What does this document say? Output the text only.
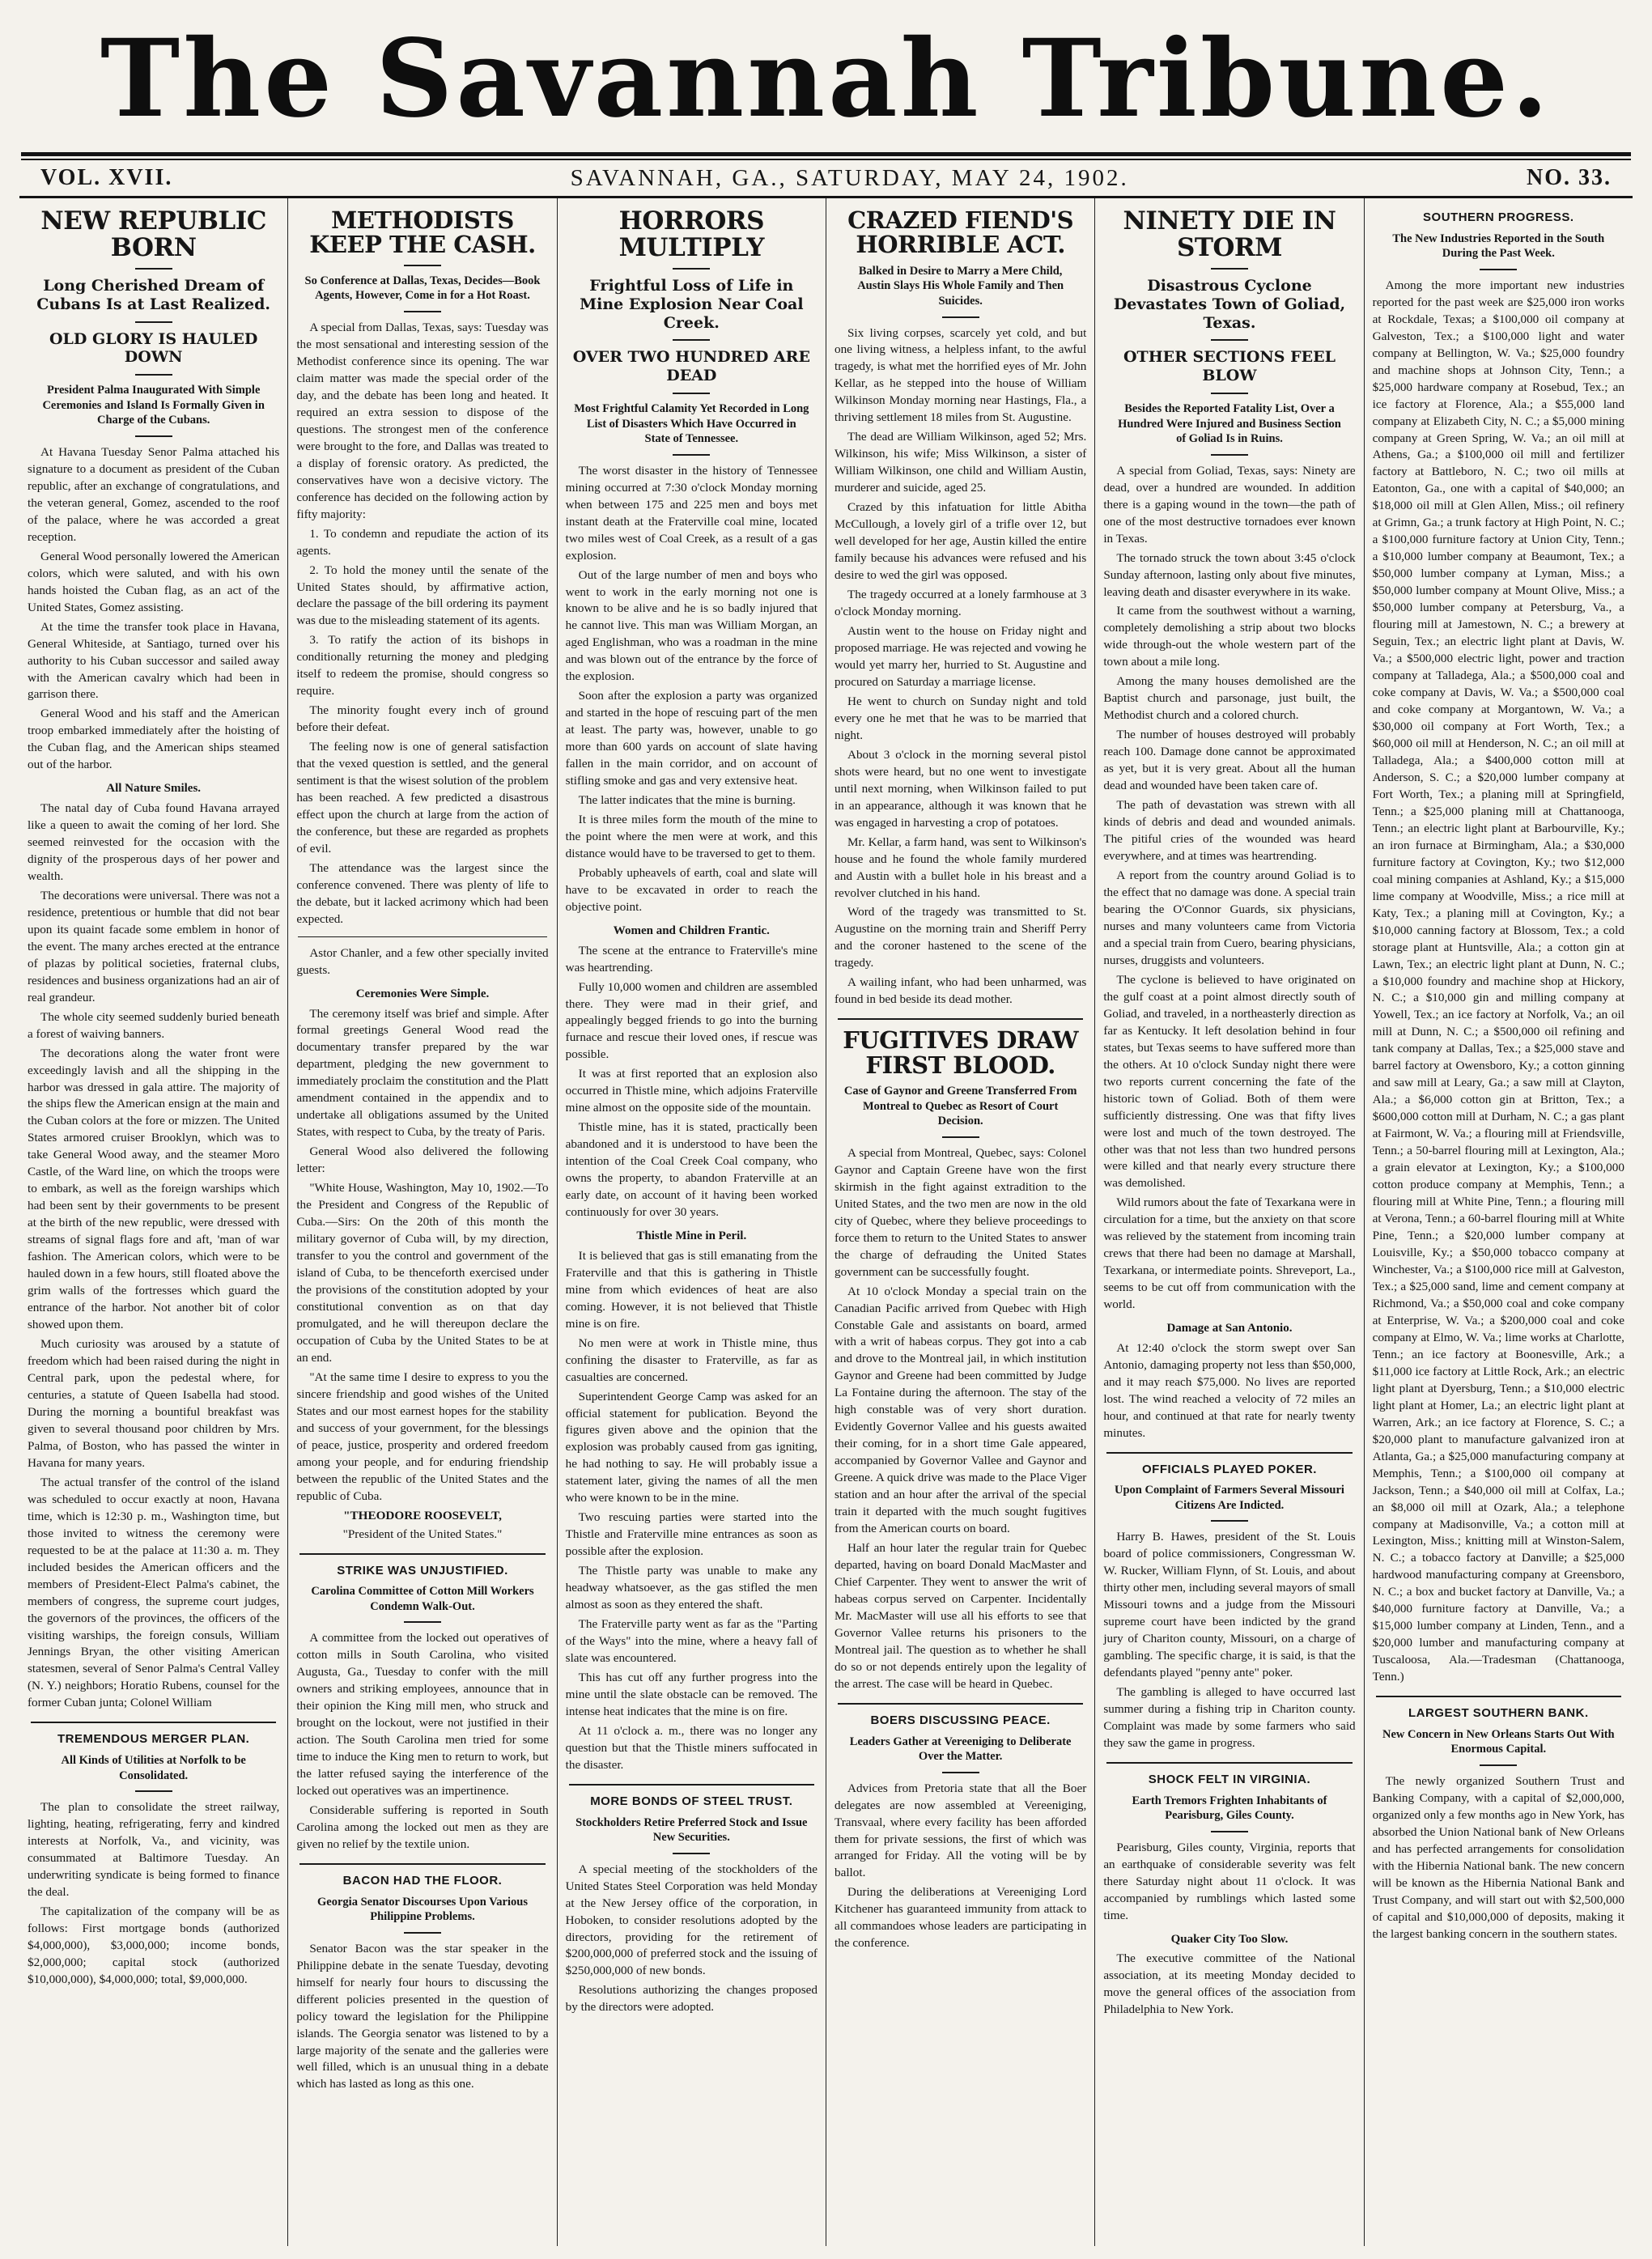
The Savannah Tribune.
VOL. XVII.	SAVANNAH, GA., SATURDAY, MAY 24, 1902.	NO. 33.
NEW REPUBLIC BORN
Long Cherished Dream of Cubans Is at Last Realized.
OLD GLORY IS HAULED DOWN
President Palma Inaugurated With Simple Ceremonies and Island Is Formally Given in Charge of the Cubans.

At Havana Tuesday Senor Palma attached his signature to a document as president of the Cuban republic, after an exchange of congratulations, and the veteran general, Gomez, ascended to the roof of the palace, where he was accorded a great reception.

General Wood personally lowered the American colors, which were saluted, and with his own hands hoisted the Cuban flag, as an act of the United States, Gomez assisting.

At the time the transfer took place in Havana, General Whiteside, at Santiago, turned over his authority to his Cuban successor and sailed away with the American cavalry which had been in garrison there.

General Wood and his staff and the American troop embarked immediately after the hoisting of the Cuban flag, and the American ships steamed out of the harbor.

All Nature Smiles.

The natal day of Cuba found Havana arrayed like a queen to await the coming of her lord. She seemed reinvested for the occasion with the dignity of the prosperous days of her power and wealth.

The decorations were universal. There was not a residence, pretentious or humble that did not bear upon its quaint facade some emblem in honor of the event. The many arches erected at the entrance of plazas by political societies, fraternal clubs, residences and business organizations had an air of real grandeur.

The whole city seemed suddenly buried beneath a forest of waiving banners.

The decorations along the water front were exceedingly lavish and all the shipping in the harbor was dressed in gala attire. The majority of the ships flew the American ensign at the main and the Cuban colors at the fore or mizzen. The United States armored cruiser Brooklyn, which was to take General Wood away, and the steamer Moro Castle, of the Ward line, on which the troops were to embark, as well as the foreign warships which had been sent by their governments to be present at the birth of the new republic, were dressed with streams of signal flags fore and aft, 'man of war fashion. The American colors, which were to be hauled down in a few hours, still floated above the grim walls of the fortresses which guard the entrance of the harbor. Not another bit of color showed upon them.

Much curiosity was aroused by a statute of freedom which had been raised during the night in Central park, upon the pedestal where, for centuries, a statute of Queen Isabella had stood. During the morning a bountiful breakfast was given to several thousand poor children by Mrs. Palma, of Boston, who has passed the winter in Havana for many years.

The actual transfer of the control of the island was scheduled to occur exactly at noon, Havana time, which is 12:30 p. m., Washington time, but those invited to witness the ceremony were requested to be at the palace at 11:30 a. m. They included besides the American officers and the members of President-Elect Palma's cabinet, the members of congress, the supreme court judges, the governors of the provinces, the officers of the visiting warships, the foreign consuls, William Jennings Bryan, the other visiting American statesmen, several of Senor Palma's Central Valley (N. Y.) neighbors; Horatio Rubens, counsel for the former Cuban junta; Colonel William

TREMENDOUS MERGER PLAN.
All Kinds of Utilities at Norfolk to be Consolidated.

The plan to consolidate the street railway, lighting, heating, refrigerating, ferry and kindred interests at Norfolk, Va., and vicinity, was consummated at Baltimore Tuesday. An underwriting syndicate is being formed to finance the deal.

The capitalization of the company will be as follows: First mortgage bonds (authorized $4,000,000), $3,000,000; income bonds, $2,000,000; capital stock (authorized $10,000,000), $4,000,000; total, $9,000,000.

METHODISTS KEEP THE CASH.
So Conference at Dallas, Texas, Decides—Book Agents, However, Come in for a Hot Roast.

A special from Dallas, Texas, says: Tuesday was the most sensational and interesting session of the Methodist conference since its opening. The war claim matter was made the special order of the day, and the debate has been long and heated. It required an extra session to dispose of the questions. The strongest men of the conference were brought to the fore, and Dallas was treated to a display of forensic oratory. As predicted, the conservatives have won a decisive victory. The conference has decided on the following action by fifty majority:

1. To condemn and repudiate the action of its agents.

2. To hold the money until the senate of the United States should, by affirmative action, declare the passage of the bill ordering its payment was due to the misleading statement of its agents.

3. To ratify the action of its bishops in conditionally returning the money and pledging itself to redeem the promise, should congress so require.

The minority fought every inch of ground before their defeat.

The feeling now is one of general satisfaction that the vexed question is settled, and the general sentiment is that the wisest solution of the problem has been reached. A few predicted a disastrous effect upon the church at large from the action of the conference, but these are regarded as prophets of evil.

The attendance was the largest since the conference convened. There was plenty of life to the debate, but it lacked acrimony which had been expected.

Astor Chanler, and a few other specially invited guests.

Ceremonies Were Simple.

The ceremony itself was brief and simple. After formal greetings General Wood read the documentary transfer prepared by the war department, pledging the new government to immediately proclaim the constitution and the Platt amendment contained in the appendix and to undertake all obligations assumed by the United States, with respect to Cuba, by the treaty of Paris.

General Wood also delivered the following letter:

"White House, Washington, May 10, 1902.—To the President and Congress of the Republic of Cuba.—Sirs: On the 20th of this month the military governor of Cuba will, by my direction, transfer to you the control and government of the island of Cuba, to be thenceforth exercised under the provisions of the constitution adopted by your constitutional convention as on that day promulgated, and he will thereupon declare the occupation of Cuba by the United States to be at an end.

"At the same time I desire to express to you the sincere friendship and good wishes of the United States and our most earnest hopes for the stability and success of your government, for the blessings of peace, justice, prosperity and ordered freedom among your people, and for enduring friendship between the republic of the United States and the republic of Cuba.

"THEODORE ROOSEVELT,

"President of the United States."

STRIKE WAS UNJUSTIFIED.
Carolina Committee of Cotton Mill Workers Condemn Walk-Out.

A committee from the locked out operatives of cotton mills in South Carolina, who visited Augusta, Ga., Tuesday to confer with the mill owners and striking employees, announce that in their opinion the King mill men, who struck and brought on the lockout, were not justified in their action. The South Carolina men tried for some time to induce the King men to return to work, but the latter refused saying the interference of the locked out operatives was an impertinence.

Considerable suffering is reported in South Carolina among the locked out men as they are given no relief by the textile union.

BACON HAD THE FLOOR.
Georgia Senator Discourses Upon Various Philippine Problems.

Senator Bacon was the star speaker in the Philippine debate in the senate Tuesday, devoting himself for nearly four hours to discussing the different policies presented in the question of policy toward the legislation for the Philippine islands. The Georgia senator was listened to by a large majority of the senate and the galleries were well filled, which is an unusual thing in a debate which has lasted as long as this one.

HORRORS MULTIPLY
Frightful Loss of Life in Mine Explosion Near Coal Creek.
OVER TWO HUNDRED ARE DEAD
Most Frightful Calamity Yet Recorded in Long List of Disasters Which Have Occurred in State of Tennessee.

The worst disaster in the history of Tennessee mining occurred at 7:30 o'clock Monday morning when between 175 and 225 men and boys met instant death at the Fraterville coal mine, located two miles west of Coal Creek, as a result of a gas explosion.

Out of the large number of men and boys who went to work in the early morning not one is known to be alive and he is so badly injured that he cannot live. This man was William Morgan, an aged Englishman, who was a roadman in the mine and was blown out of the entrance by the force of the explosion.

Soon after the explosion a party was organized and started in the hope of rescuing part of the men at least. The party was, however, unable to go more than 600 yards on account of slate having fallen in the main corridor, and on account of stifling smoke and gas and very extensive heat.

The latter indicates that the mine is burning.

It is three miles form the mouth of the mine to the point where the men were at work, and this distance would have to be traversed to get to them.

Probably upheavels of earth, coal and slate will have to be excavated in order to reach the objective point.

Women and Children Frantic.

The scene at the entrance to Fraterville's mine was heartrending.

Fully 10,000 women and children are assembled there. They were mad in their grief, and appealingly begged friends to go into the burning furnace and rescue their loved ones, if rescue was possible.

It was at first reported that an explosion also occurred in Thistle mine, which adjoins Fraterville mine almost on the opposite side of the mountain.

Thistle mine, has it is stated, practically been abandoned and it is understood to have been the intention of the Coal Creek Coal company, who owns the property, to abandon Fraterville at an early date, on account of it having been worked continuously for over 30 years.

Thistle Mine in Peril.

It is believed that gas is still emanating from the Fraterville and that this is gathering in Thistle mine from which evidences of heat are also coming. However, it is not believed that Thistle mine is on fire.

No men were at work in Thistle mine, thus confining the disaster to Fraterville, as far as casualties are concerned.

Superintendent George Camp was asked for an official statement for publication. Beyond the figures given above and the opinion that the explosion was probably caused from gas igniting, he had nothing to say. He will probably issue a statement later, giving the names of all the men who were known to be in the mine.

Two rescuing parties were started into the Thistle and Fraterville mine entrances as soon as possible after the explosion.

The Thistle party was unable to make any headway whatsoever, as the gas stifled the men almost as soon as they entered the shaft.

The Fraterville party went as far as the "Parting of the Ways" into the mine, where a heavy fall of slate was encountered.

This has cut off any further progress into the mine until the slate obstacle can be removed. The intense heat indicates that the mine is on fire.

At 11 o'clock a. m., there was no longer any question but that the Thistle miners suffocated in the disaster.

MORE BONDS OF STEEL TRUST.
Stockholders Retire Preferred Stock and Issue New Securities.

A special meeting of the stockholders of the United States Steel Corporation was held Monday at the New Jersey office of the corporation, in Hoboken, to consider resolutions adopted by the directors, providing for the retirement of $200,000,000 of preferred stock and the issuing of $250,000,000 of new bonds.

Resolutions authorizing the changes proposed by the directors were adopted.

CRAZED FIEND'S HORRIBLE ACT.
Balked in Desire to Marry a Mere Child, Austin Slays His Whole Family and Then Suicides.

Six living corpses, scarcely yet cold, and but one living witness, a helpless infant, to the awful tragedy, is what met the horrified eyes of Mr. John Kellar, as he stepped into the house of William Wilkinson Monday morning near Hastings, Fla., a thriving settlement 18 miles from St. Augustine.

The dead are William Wilkinson, aged 52; Mrs. Wilkinson, his wife; Miss Wilkinson, a sister of William Wilkinson, one child and William Austin, murderer and suicide, aged 25.

Crazed by this infatuation for little Abitha McCullough, a lovely girl of a trifle over 12, but well developed for her age, Austin killed the entire family because his advances were refused and his desire to wed the girl was opposed.

The tragedy occurred at a lonely farmhouse at 3 o'clock Monday morning.

Austin went to the house on Friday night and proposed marriage. He was rejected and vowing he would yet marry her, hurried to St. Augustine and procured on Saturday a marriage license.

He went to church on Sunday night and told every one he met that he was to be married that night.

About 3 o'clock in the morning several pistol shots were heard, but no one went to investigate until next morning, when Wilkinson failed to put in an appearance, although it was known that he was engaged in harvesting a crop of potatoes.

Mr. Kellar, a farm hand, was sent to Wilkinson's house and he found the whole family murdered and Austin with a bullet hole in his breast and a revolver clutched in his hand.

Word of the tragedy was transmitted to St. Augustine on the morning train and Sheriff Perry and the coroner hastened to the scene of the tragedy.

A wailing infant, who had been unharmed, was found in bed beside its dead mother.

FUGITIVES DRAW FIRST BLOOD.
Case of Gaynor and Greene Transferred From Montreal to Quebec as Resort of Court Decision.

A special from Montreal, Quebec, says: Colonel Gaynor and Captain Greene have won the first skirmish in the fight against extradition to the United States, and the two men are now in the old city of Quebec, where they believe proceedings to force them to return to the United States to answer the charge of defrauding the United States government can be successfully fought.

At 10 o'clock Monday a special train on the Canadian Pacific arrived from Quebec with High Constable Gale and assistants on board, armed with a writ of habeas corpus. They got into a cab and drove to the Montreal jail, in which institution Gaynor and Greene had been committed by Judge La Fontaine during the afternoon. The stay of the high constable was of very short duration. Evidently Governor Vallee and his guests awaited their coming, for in a short time Gale appeared, accompanied by Governor Vallee and Gaynor and Greene. A quick drive was made to the Place Viger station and an hour after the arrival of the special train it departed with the much sought fugitives from the American courts on board.

Half an hour later the regular train for Quebec departed, having on board Donald MacMaster and Chief Carpenter. They went to answer the writ of habeas corpus served on Carpenter. Incidentally Mr. MacMaster will use all his efforts to see that Governor Vallee returns his prisoners to the Montreal jail. The question as to whether he shall do so or not depends entirely upon the legality of the arrest. The case will be heard in Quebec.

BOERS DISCUSSING PEACE.
Leaders Gather at Vereeniging to Deliberate Over the Matter.

Advices from Pretoria state that all the Boer delegates are now assembled at Vereeniging, Transvaal, where every facility has been afforded them for private sessions, the first of which was arranged for Friday. All the voting will be by ballot.

During the deliberations at Vereeniging Lord Kitchener has guaranteed immunity from attack to all commandoes whose leaders are participating in the conference.

NINETY DIE IN STORM
Disastrous Cyclone Devastates Town of Goliad, Texas.
OTHER SECTIONS FEEL BLOW
Besides the Reported Fatality List, Over a Hundred Were Injured and Business Section of Goliad Is in Ruins.

A special from Goliad, Texas, says: Ninety are dead, over a hundred are wounded. In addition there is a gaping wound in the town—the path of one of the most destructive tornadoes ever known in Texas.

The tornado struck the town about 3:45 o'clock Sunday afternoon, lasting only about five minutes, leaving death and disaster everywhere in its wake.

It came from the southwest without a warning, completely demolishing a strip about two blocks wide through-out the whole western part of the town about a mile long.

Among the many houses demolished are the Baptist church and parsonage, just built, the Methodist church and a colored church.

The number of houses destroyed will probably reach 100. Damage done cannot be approximated as yet, but it is very great. About all the human dead and wounded have been taken care of.

The path of devastation was strewn with all kinds of debris and dead and wounded animals. The pitiful cries of the wounded was heard everywhere, and at times was heartrending.

A report from the country around Goliad is to the effect that no damage was done. A special train bearing the O'Connor Guards, six physicians, nurses and many volunteers came from Victoria and a special train from Cuero, bearing physicians, nurses, druggists and volunteers.

The cyclone is believed to have originated on the gulf coast at a point almost directly south of Goliad, and traveled, in a northeasterly direction as far as Kentucky. It left desolation behind in four states, but Texas seems to have suffered more than the others. At 10 o'clock Sunday night there were two reports current concerning the fate of the historic town of Goliad. Both of them were sufficiently distressing. One was that fifty lives were lost and much of the town destroyed. The other was that not less than two hundred persons were killed and that nearly every structure there was demolished.

Wild rumors about the fate of Texarkana were in circulation for a time, but the anxiety on that score was relieved by the statement from incoming train crews that there had been no damage at Marshall, Texarkana, or intermediate points. Shreveport, La., seems to be cut off from communication with the world.

Damage at San Antonio.

At 12:40 o'clock the storm swept over San Antonio, damaging property not less than $50,000, and it may reach $75,000. No lives are reported lost. The wind reached a velocity of 72 miles an hour, and continued at that rate for nearly twenty minutes.

OFFICIALS PLAYED POKER.
Upon Complaint of Farmers Several Missouri Citizens Are Indicted.

Harry B. Hawes, president of the St. Louis board of police commissioners, Congressman W. W. Rucker, William Flynn, of St. Louis, and about thirty other men, including several mayors of small Missouri towns and a judge from the Missouri supreme court have been indicted by the grand jury of Chariton county, Missouri, on a charge of gambling. The specific charge, it is said, is that the defendants played "penny ante" poker.

The gambling is alleged to have occurred last summer during a fishing trip in Chariton county. Complaint was made by some farmers who said they saw the game in progress.

SHOCK FELT IN VIRGINIA.
Earth Tremors Frighten Inhabitants of Pearisburg, Giles County.

Pearisburg, Giles county, Virginia, reports that an earthquake of considerable severity was felt there Saturday night about 11 o'clock. It was accompanied by rumblings which lasted some time.

Quaker City Too Slow.

The executive committee of the National association, at its meeting Monday decided to move the general offices of the association from Philadelphia to New York.

SOUTHERN PROGRESS.
The New Industries Reported in the South During the Past Week.

Among the more important new industries reported for the past week are $25,000 iron works at Rockdale, Texas; a $100,000 oil company at Galveston, Tex.; a $100,000 light and water company at Bellington, W. Va.; $25,000 foundry and machine shops at Johnson City, Tenn.; a $25,000 hardware company at Rosebud, Tex.; an ice factory at Florence, Ala.; a $55,000 land company at Elizabeth City, N. C.; a $5,000 mining company at Green Spring, W. Va.; an oil mill at Athens, Ga.; a $100,000 oil mill and fertilizer factory at Battleboro, N. C.; two oil mills at Eatonton, Ga., one with a capital of $40,000; an $18,000 oil mill at Glen Allen, Miss.; oil refinery at Grimn, Ga.; a trunk factory at High Point, N. C.; a $100,000 furniture factory at Union City, Tenn.; a $10,000 lumber company at Beaumont, Tex.; a $50,000 lumber company at Lyman, Miss.; a $50,000 lumber company at Mount Olive, Miss.; a $50,000 lumber company at Petersburg, Va., a flouring mill at Jamestown, N. C.; a brewery at Seguin, Tex.; an electric light plant at Davis, W. Va.; a $500,000 electric light, power and traction company at Talladega, Ala.; a $500,000 coal and coke company at Davis, W. Va.; a $500,000 coal and coke company at Morgantown, W. Va.; a $30,000 oil company at Fort Worth, Tex.; a $60,000 oil mill at Henderson, N. C.; an oil mill at Talladega, Ala.; a $400,000 cotton mill at Anderson, S. C.; a $20,000 lumber company at Fort Worth, Tex.; a planing mill at Springfield, Tenn.; a $25,000 planing mill at Chattanooga, Tenn.; an electric light plant at Barbourville, Ky.; an iron furnace at Birmingham, Ala.; a $30,000 furniture factory at Covington, Ky.; two $12,000 coal mining companies at Ashland, Ky.; a $15,000 lime company at Woodville, Miss.; a rice mill at Katy, Tex.; a planing mill at Covington, Ky.; a $10,000 canning factory at Blossom, Tex.; a cold storage plant at Huntsville, Ala.; a cotton gin at Lawn, Tex.; an electric light plant at Dunn, N. C.; a $10,000 foundry and machine shop at Hickory, N. C.; a $10,000 gin and milling company at Yowell, Tex.; an ice factory at Norfolk, Va.; an oil mill at Dunn, N. C.; a $500,000 oil refining and tank company at Dallas, Tex.; a $25,000 stave and barrel factory at Owensboro, Ky.; a cotton ginning and saw mill at Leary, Ga.; a saw mill at Clayton, Ala.; a $6,000 cotton gin at Britton, Tex.; a $600,000 cotton mill at Durham, N. C.; a gas plant at Fairmont, W. Va.; a flouring mill at Friendsville, Tenn.; a 50-barrel flouring mill at Lexington, Ala.; a grain elevator at Lexington, Ky.; a $100,000 cotton produce company at Memphis, Tenn.; a flouring mill at White Pine, Tenn.; a flouring mill at Verona, Tenn.; a 60-barrel flouring mill at White Pine, Tenn.; a $20,000 lumber company at Louisville, Ky.; a $50,000 tobacco company at Winchester, Va.; a $100,000 rice mill at Galveston, Tex.; a $25,000 sand, lime and cement company at Richmond, Va.; a $50,000 coal and coke company at Enterprise, W. Va.; a $200,000 coal and coke company at Elmo, W. Va.; lime works at Charlotte, Tenn.; an ice factory at Boonesville, Ark.; a $11,000 ice factory at Little Rock, Ark.; an electric light plant at Dyersburg, Tenn.; a $10,000 electric light plant at Homer, La.; an electric light plant at Warren, Ark.; an ice factory at Florence, S. C.; a $20,000 plant to manufacture galvanized iron at Atlanta, Ga.; a $25,000 manufacturing company at Memphis, Tenn.; a $100,000 oil company at Jackson, Tenn.; a $40,000 oil mill at Colfax, La.; an $8,000 oil mill at Ozark, Ala.; a telephone company at Madisonville, Va.; a cotton mill at Lexington, Miss.; knitting mill at Winston-Salem, N. C.; a tobacco factory at Danville; a $25,000 hardwood manufacturing company at Greensboro, N. C.; a box and bucket factory at Danville, Va.; a $40,000 furniture factory at Danville, Va.; a $15,000 lumber company at Linden, Tenn., and a $20,000 lumber and manufacturing company at Tuscaloosa, Ala.—Tradesman (Chattanooga, Tenn.)

LARGEST SOUTHERN BANK.
New Concern in New Orleans Starts Out With Enormous Capital.

The newly organized Southern Trust and Banking Company, with a capital of $2,000,000, organized only a few months ago in New York, has absorbed the Union National bank of New Orleans and has perfected arrangements for consolidation with the Hibernia National bank. The new concern will be known as the Hibernia National Bank and Trust Company, and will start out with $2,500,000 of capital and $10,000,000 of deposits, making it the largest banking concern in the southern states.
